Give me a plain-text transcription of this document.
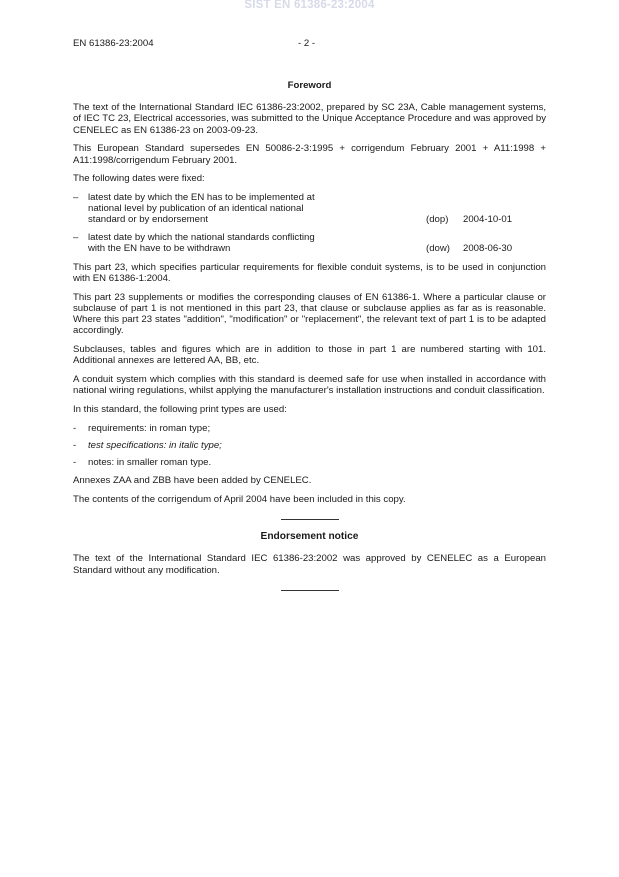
SIST EN 61386-23:2004
EN 61386-23:2004	- 2 -
Foreword

The text of the International Standard IEC 61386-23:2002, prepared by SC 23A, Cable management systems, of IEC TC 23, Electrical accessories, was submitted to the Unique Acceptance Procedure and was approved by CENELEC as EN 61386-23 on 2003-09-23.

This European Standard supersedes EN 50086-2-3:1995 + corrigendum February 2001 + A11:1998 + A11:1998/corrigendum February 2001.

The following dates were fixed:

– latest date by which the EN has to be implemented at national level by publication of an identical national standard or by endorsement	(dop) 2004-10-01
– latest date by which the national standards conflicting with the EN have to be withdrawn	(dow) 2008-06-30

This part 23, which specifies particular requirements for flexible conduit systems, is to be used in conjunction with EN 61386-1:2004.

This part 23 supplements or modifies the corresponding clauses of EN 61386-1. Where a particular clause or subclause of part 1 is not mentioned in this part 23, that clause or subclause applies as far as is reasonable. Where this part 23 states "addition", "modification" or "replacement", the relevant text of part 1 is to be adapted accordingly.

Subclauses, tables and figures which are in addition to those in part 1 are numbered starting with 101. Additional annexes are lettered AA, BB, etc.

A conduit system which complies with this standard is deemed safe for use when installed in accordance with national wiring regulations, whilst applying the manufacturer's installation instructions and conduit classification.

In this standard, the following print types are used:

- requirements: in roman type;
- test specifications: in italic type;
- notes: in smaller roman type.

Annexes ZAA and ZBB have been added by CENELEC.

The contents of the corrigendum of April 2004 have been included in this copy.

Endorsement notice

The text of the International Standard IEC 61386-23:2002 was approved by CENELEC as a European Standard without any modification.
